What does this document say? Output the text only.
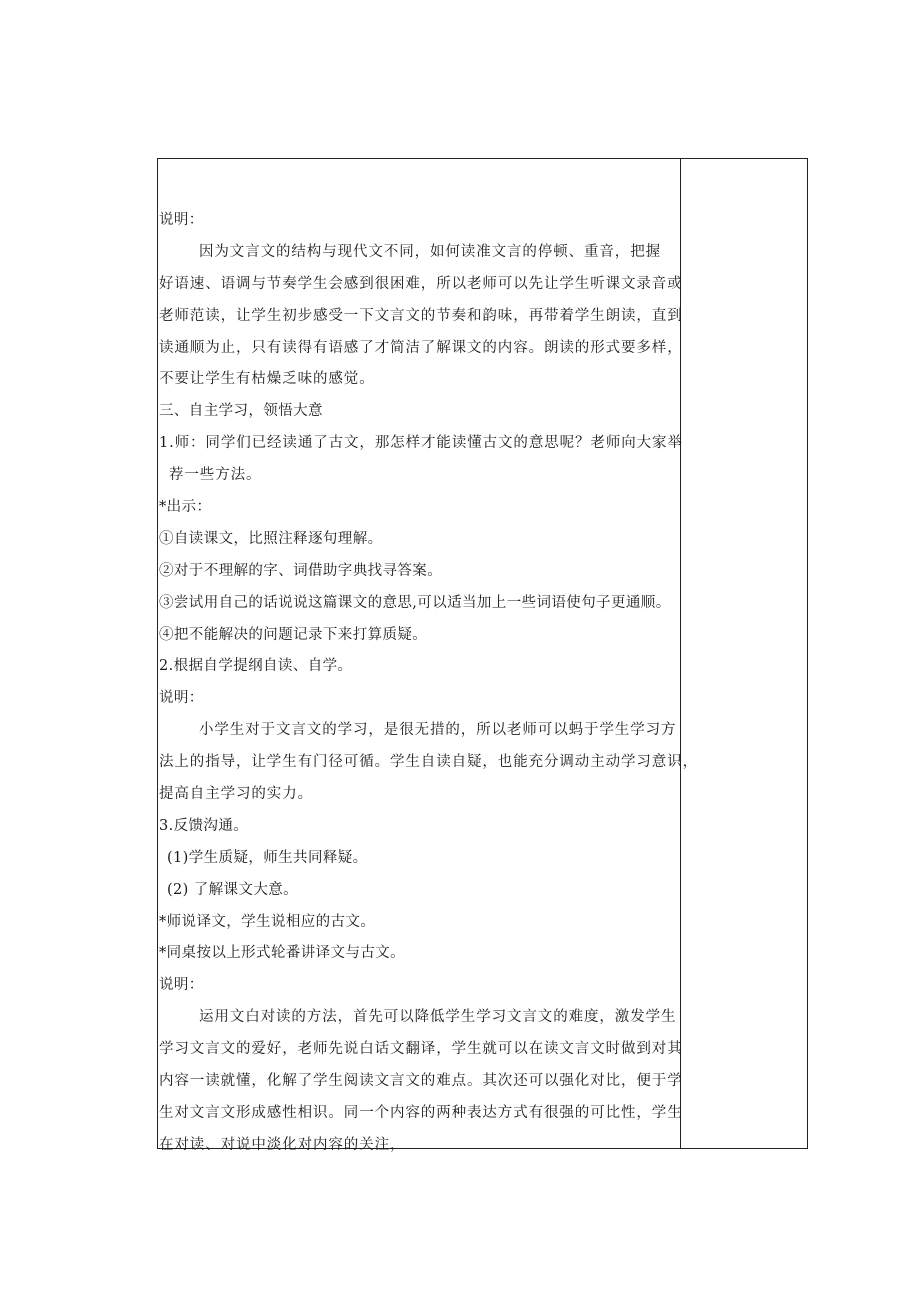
说明：
因为文言文的结构与现代文不同，如何读准文言的停顿、重音，把握
好语速、语调与节奏学生会感到很困难，所以老师可以先让学生听课文录音或
老师范读，让学生初步感受一下文言文的节奏和韵味，再带着学生朗读，直到
读通顺为止，只有读得有语感了才简洁了解课文的内容。朗读的形式要多样，
不要让学生有枯燥乏味的感觉。
三、自主学习，领悟大意
1.师：同学们已经读通了古文，那怎样才能读懂古文的意思呢？老师向大家举
荐一些方法。
*出示：
①自读课文，比照注释逐句理解。
②对于不理解的字、词借助字典找寻答案。
③尝试用自己的话说说这篇课文的意思,可以适当加上一些词语使句子更通顺。
④把不能解决的问题记录下来打算质疑。
2.根据自学提纲自读、自学。
说明：
小学生对于文言文的学习，是很无措的，所以老师可以蚂于学生学习方
法上的指导，让学生有门径可循。学生自读自疑，也能充分调动主动学习意识，
提高自主学习的实力。
3.反馈沟通。
(1)学生质疑，师生共同释疑。
(2) 了解课文大意。
*师说译文，学生说相应的古文。
*同桌按以上形式轮番讲译文与古文。
说明：
运用文白对读的方法，首先可以降低学生学习文言文的难度，激发学生
学习文言文的爱好，老师先说白话文翻译，学生就可以在读文言文时做到对其
内容一读就懂，化解了学生阅读文言文的难点。其次还可以强化对比，便于学
生对文言文形成感性相识。同一个内容的两种表达方式有很强的可比性，学生
在对读、对说中淡化对内容的关注，
